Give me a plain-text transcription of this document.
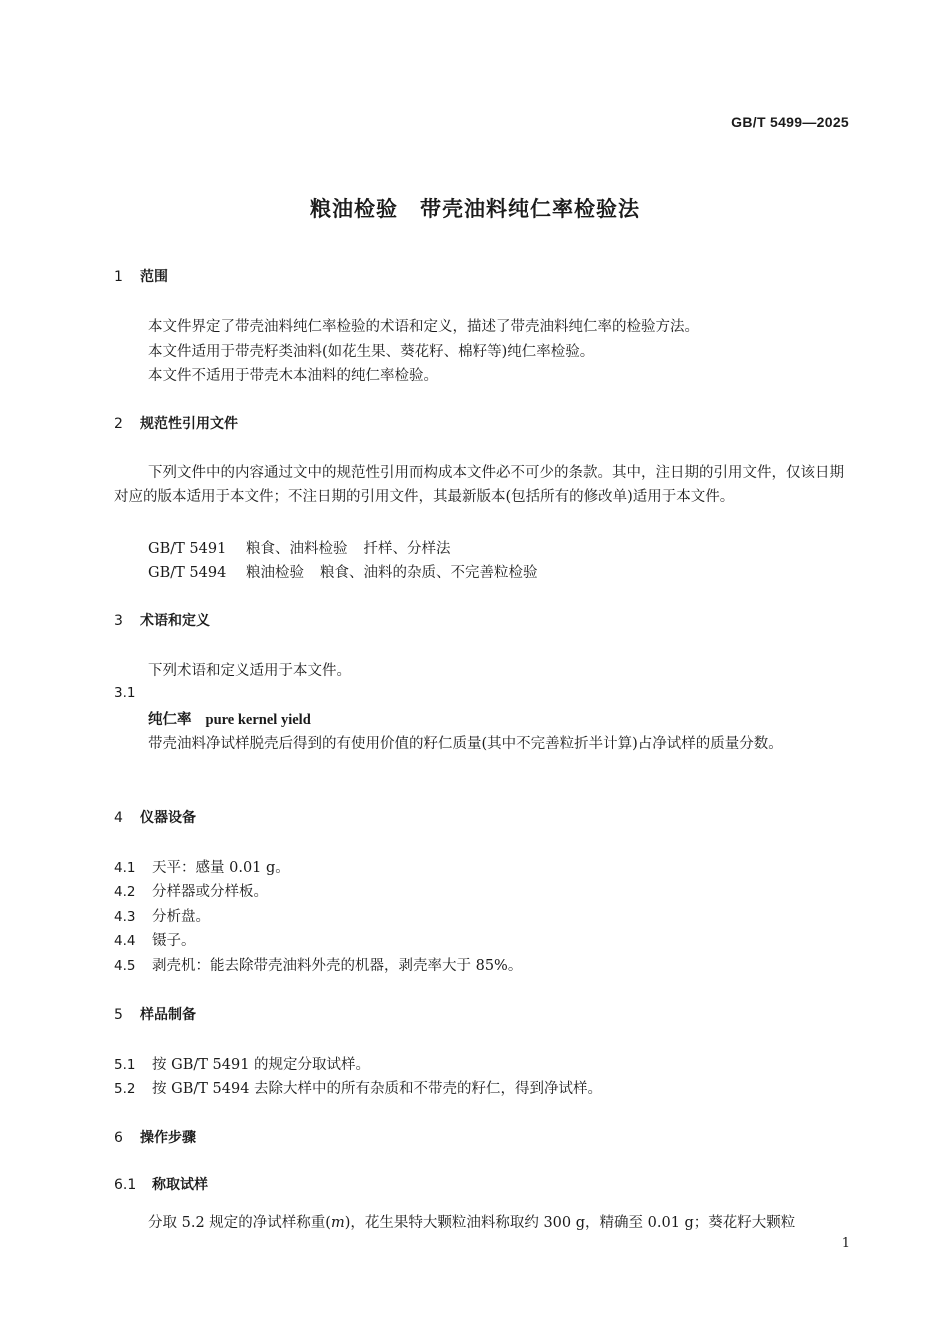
GB/T 5499—2025
粮油检验　带壳油料纯仁率检验法
1 范围
本文件界定了带壳油料纯仁率检验的术语和定义，描述了带壳油料纯仁率的检验方法。
本文件适用于带壳籽类油料(如花生果、葵花籽、棉籽等)纯仁率检验。
本文件不适用于带壳木本油料的纯仁率检验。
2 规范性引用文件
下列文件中的内容通过文中的规范性引用而构成本文件必不可少的条款。其中，注日期的引用文件，仅该日期对应的版本适用于本文件；不注日期的引用文件，其最新版本(包括所有的修改单)适用于本文件。
GB/T 5491 粮食、油料检验 扦样、分样法
GB/T 5494 粮油检验 粮食、油料的杂质、不完善粒检验
3 术语和定义
下列术语和定义适用于本文件。
3.1
纯仁率 pure kernel yield
带壳油料净试样脱壳后得到的有使用价值的籽仁质量(其中不完善粒折半计算)占净试样的质量分数。
4 仪器设备
4.1 天平：感量 0.01 g。
4.2 分样器或分样板。
4.3 分析盘。
4.4 镊子。
4.5 剥壳机：能去除带壳油料外壳的机器，剥壳率大于 85%。
5 样品制备
5.1 按 GB/T 5491 的规定分取试样。
5.2 按 GB/T 5494 去除大样中的所有杂质和不带壳的籽仁，得到净试样。
6 操作步骤
6.1 称取试样
分取 5.2 规定的净试样称重(m)，花生果特大颗粒油料称取约 300 g，精确至 0.01 g；葵花籽大颗粒
1
